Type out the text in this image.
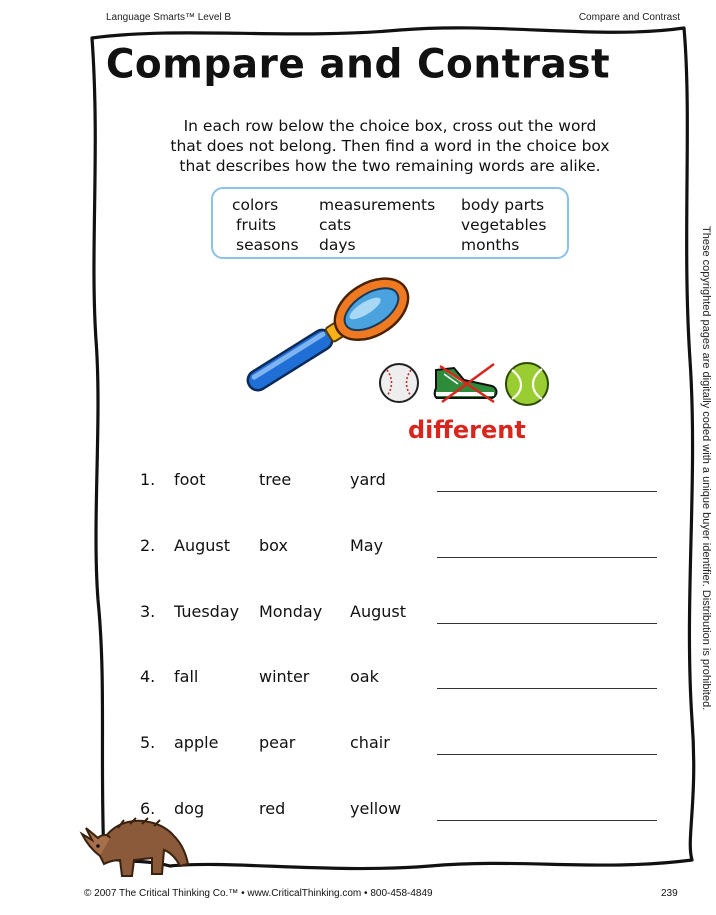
Language Smarts™ Level B	Compare and Contrast
Compare and Contrast
In each row below the choice box, cross out the word
that does not belong. Then find a word in the choice box
that describes how the two remaining words are alike.
colors
fruits
seasons
measurements
cats
days
body parts
vegetables
months
different
1. foot	tree	yard
2. August box	May
3. Tuesday Monday August
4. fall	winter	oak
5. apple	pear	chair
6. dog	red	yellow
These copyrighted pages are digitally coded with a unique buyer identifier. Distribution is prohibited.
© 2007 The Critical Thinking Co.™ • www.CriticalThinking.com • 800-458-4849	239
